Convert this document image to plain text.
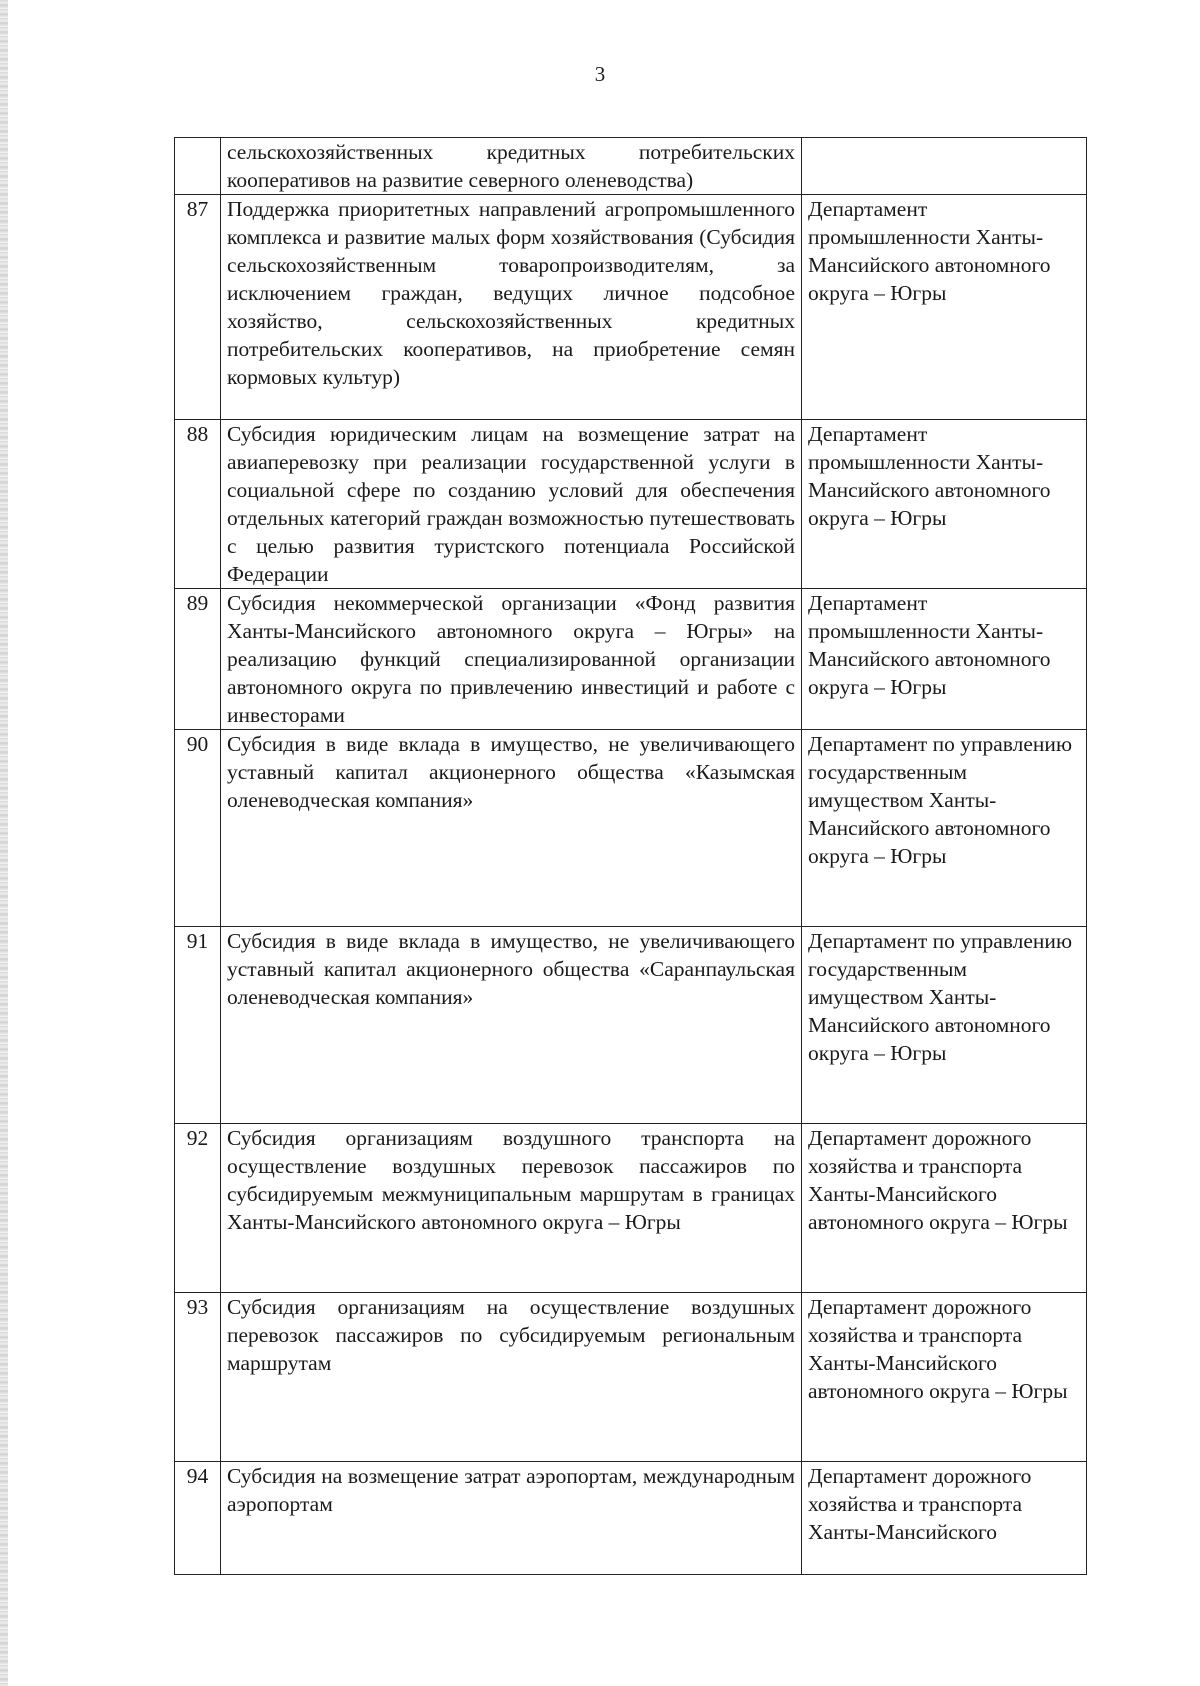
3
	сельскохозяйственных кредитных потребительских кооперативов на развитие северного оленеводства)	
87	Поддержка приоритетных направлений агропромышленного комплекса и развитие малых форм хозяйствования (Субсидия сельскохозяйственным товаропроизводителям, за исключением граждан, ведущих личное подсобное хозяйство, сельскохозяйственных кредитных потребительских кооперативов, на приобретение семян кормовых культур)	Департамент промышленности Ханты-Мансийского автономного округа – Югры
88	Субсидия юридическим лицам на возмещение затрат на авиаперевозку при реализации государственной услуги в социальной сфере по созданию условий для обеспечения отдельных категорий граждан возможностью путешествовать с целью развития туристского потенциала Российской Федерации	Департамент промышленности Ханты-Мансийского автономного округа – Югры
89	Субсидия некоммерческой организации «Фонд развития Ханты-Мансийского автономного округа – Югры» на реализацию функций специализированной организации автономного округа по привлечению инвестиций и работе с инвесторами	Департамент промышленности Ханты-Мансийского автономного округа – Югры
90	Субсидия в виде вклада в имущество, не увеличивающего уставный капитал акционерного общества «Казымская оленеводческая компания»	Департамент по управлению государственным имуществом Ханты-Мансийского автономного округа – Югры
91	Субсидия в виде вклада в имущество, не увеличивающего уставный капитал акционерного общества «Саранпаульская оленеводческая компания»	Департамент по управлению государственным имуществом Ханты-Мансийского автономного округа – Югры
92	Субсидия организациям воздушного транспорта на осуществление воздушных перевозок пассажиров по субсидируемым межмуниципальным маршрутам в границах Ханты-Мансийского автономного округа – Югры	Департамент дорожного хозяйства и транспорта Ханты-Мансийского автономного округа – Югры
93	Субсидия организациям на осуществление воздушных перевозок пассажиров по субсидируемым региональным маршрутам	Департамент дорожного хозяйства и транспорта Ханты-Мансийского автономного округа – Югры
94	Субсидия на возмещение затрат аэропортам, международным аэропортам	Департамент дорожного хозяйства и транспорта Ханты-Мансийского
